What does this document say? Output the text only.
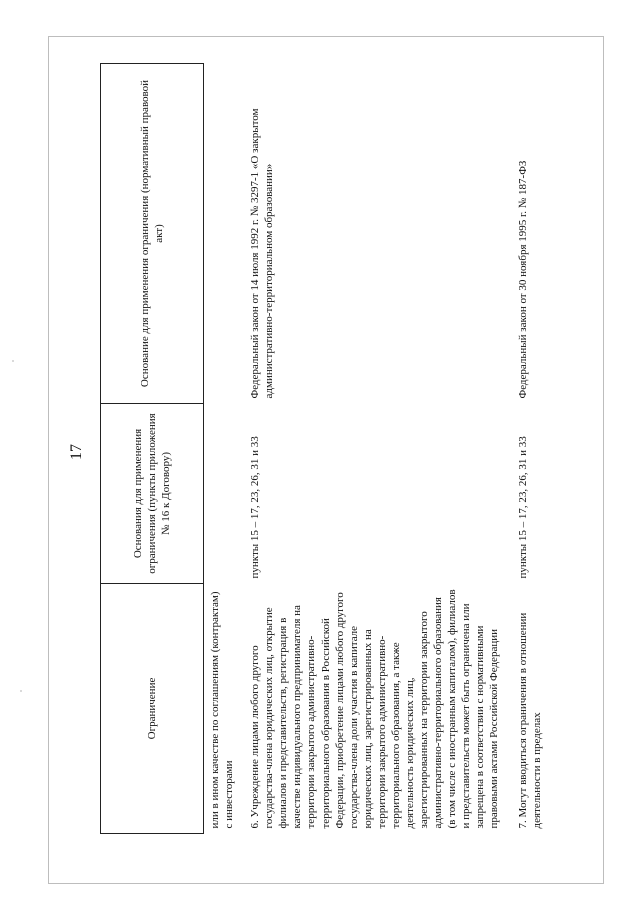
17
Ограничение	Основания для применения ограничения (пункты приложения № 16 к Договору)	Основание для применения ограничения (нормативный правовой акт)
или в ином качестве по соглашениям (контрактам) с инвесторами		
6. Учреждение лицами любого другого государства-члена юридических лиц, открытие филиалов и представительств, регистрация в качестве индивидуального предпринимателя на территории закрытого административно-территориального образования в Российской Федерации, приобретение лицами любого другого государства-члена доли участия в капитале юридических лиц, зарегистрированных на территории закрытого административно-территориального образования, а также деятельность юридических лиц, зарегистрированных на территории закрытого административно-территориального образования (в том числе с иностранным капиталом), филиалов и представительств может быть ограничена или запрещена в соответствии с нормативными правовыми актами Российской Федерации	пункты 15 – 17, 23, 26, 31 и 33	Федеральный закон от 14 июля 1992 г. № 3297-1 «О закрытом административно-территориальном образовании»
7. Могут вводиться ограничения в отношении деятельности в пределах	пункты 15 – 17, 23, 26, 31 и 33	Федеральный закон от 30 ноября 1995 г. № 187-ФЗ
